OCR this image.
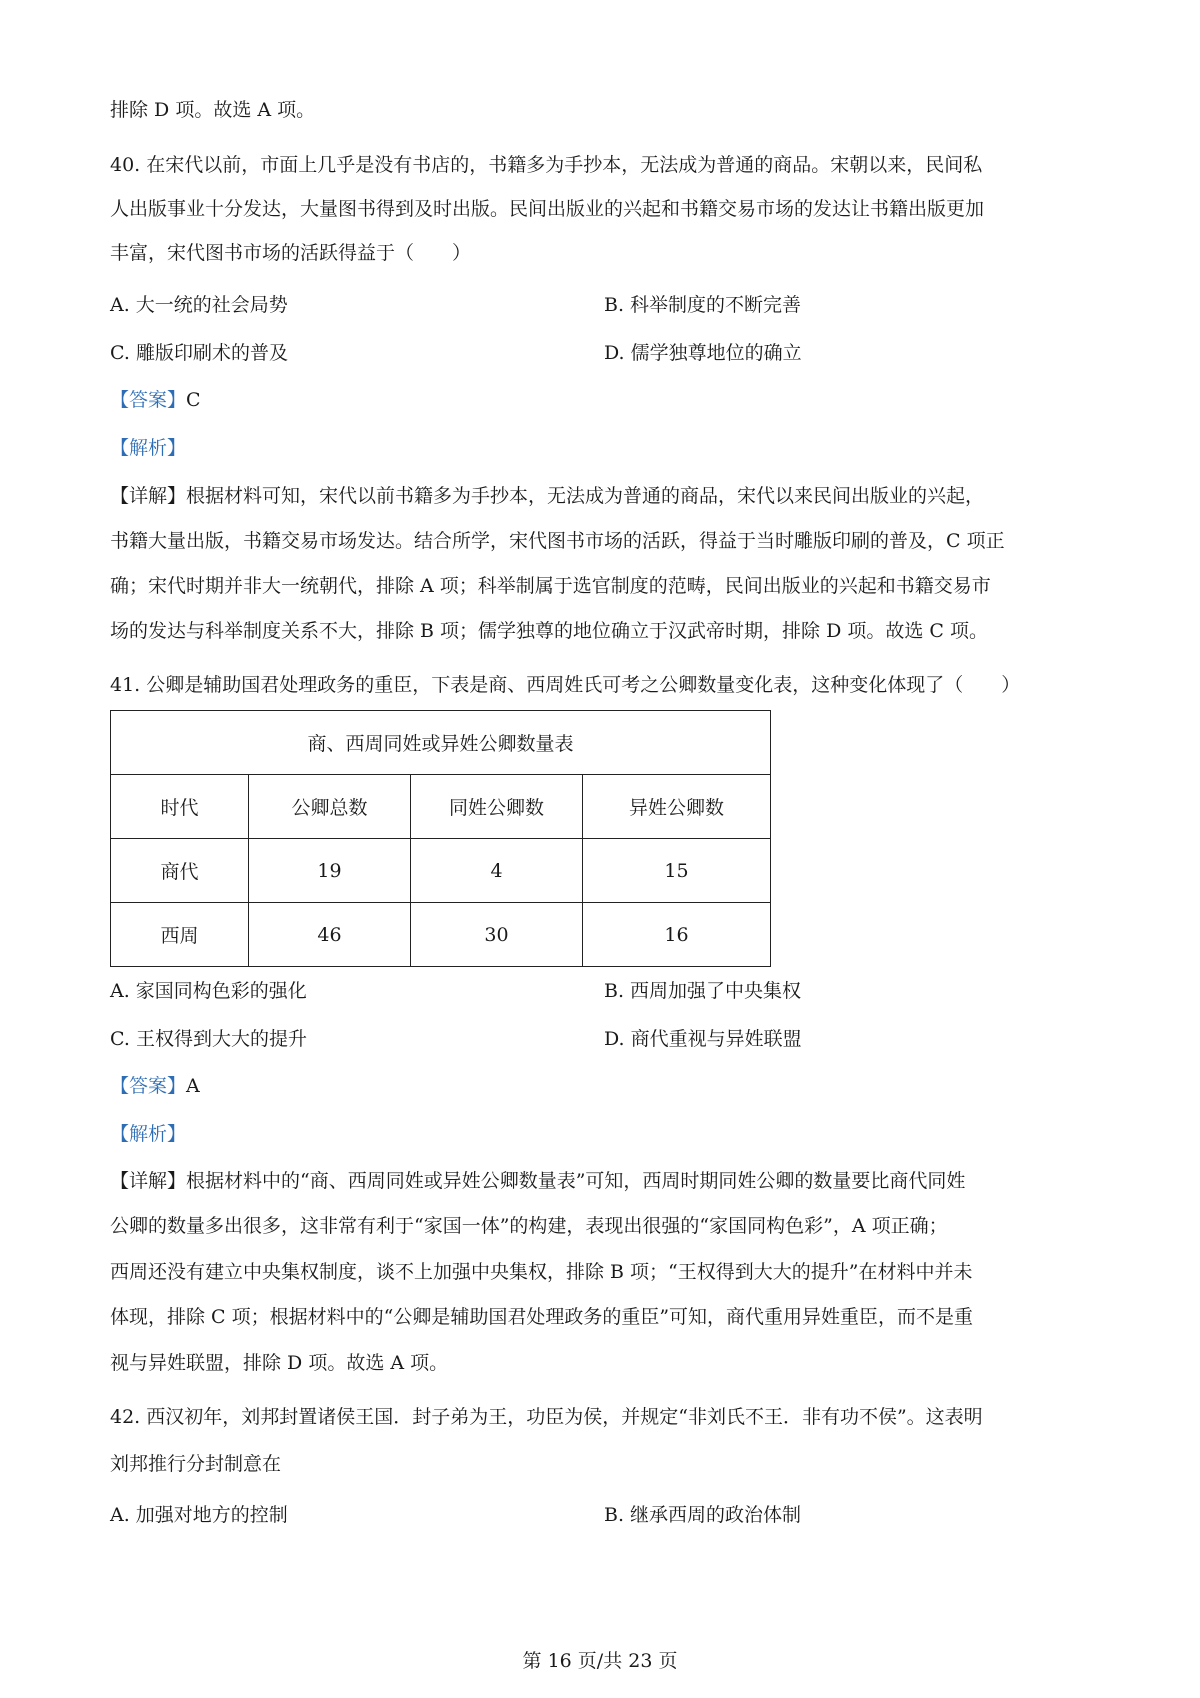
排除 D 项。故选 A 项。
40. 在宋代以前，市面上几乎是没有书店的，书籍多为手抄本，无法成为普通的商品。宋朝以来，民间私
人出版事业十分发达，大量图书得到及时出版。民间出版业的兴起和书籍交易市场的发达让书籍出版更加
丰富，宋代图书市场的活跃得益于（　　）
A. 大一统的社会局势	B. 科举制度的不断完善
C. 雕版印刷术的普及	D. 儒学独尊地位的确立
【答案】C
【解析】
【详解】根据材料可知，宋代以前书籍多为手抄本，无法成为普通的商品，宋代以来民间出版业的兴起，
书籍大量出版，书籍交易市场发达。结合所学，宋代图书市场的活跃，得益于当时雕版印刷的普及，C 项正
确；宋代时期并非大一统朝代，排除 A 项；科举制属于选官制度的范畴，民间出版业的兴起和书籍交易市
场的发达与科举制度关系不大，排除 B 项；儒学独尊的地位确立于汉武帝时期，排除 D 项。故选 C 项。
41. 公卿是辅助国君处理政务的重臣，下表是商、西周姓氏可考之公卿数量变化表，这种变化体现了（　　）
商、西周同姓或异姓公卿数量表			
时代	公卿总数	同姓公卿数	异姓公卿数
商代	19	4	15
西周	46	30	16
A. 家国同构色彩的强化	B. 西周加强了中央集权
C. 王权得到大大的提升	D. 商代重视与异姓联盟
【答案】A
【解析】
【详解】根据材料中的“商、西周同姓或异姓公卿数量表”可知，西周时期同姓公卿的数量要比商代同姓
公卿的数量多出很多，这非常有利于“家国一体”的构建，表现出很强的“家国同构色彩”，A 项正确；
西周还没有建立中央集权制度，谈不上加强中央集权，排除 B 项；“王权得到大大的提升”在材料中并未
体现，排除 C 项；根据材料中的“公卿是辅助国君处理政务的重臣”可知，商代重用异姓重臣，而不是重
视与异姓联盟，排除 D 项。故选 A 项。
42. 西汉初年，刘邦封置诸侯王国．封子弟为王，功臣为侯，并规定“非刘氏不王．非有功不侯”。这表明
刘邦推行分封制意在
A. 加强对地方的控制	B. 继承西周的政治体制
第 16 页/共 23 页
